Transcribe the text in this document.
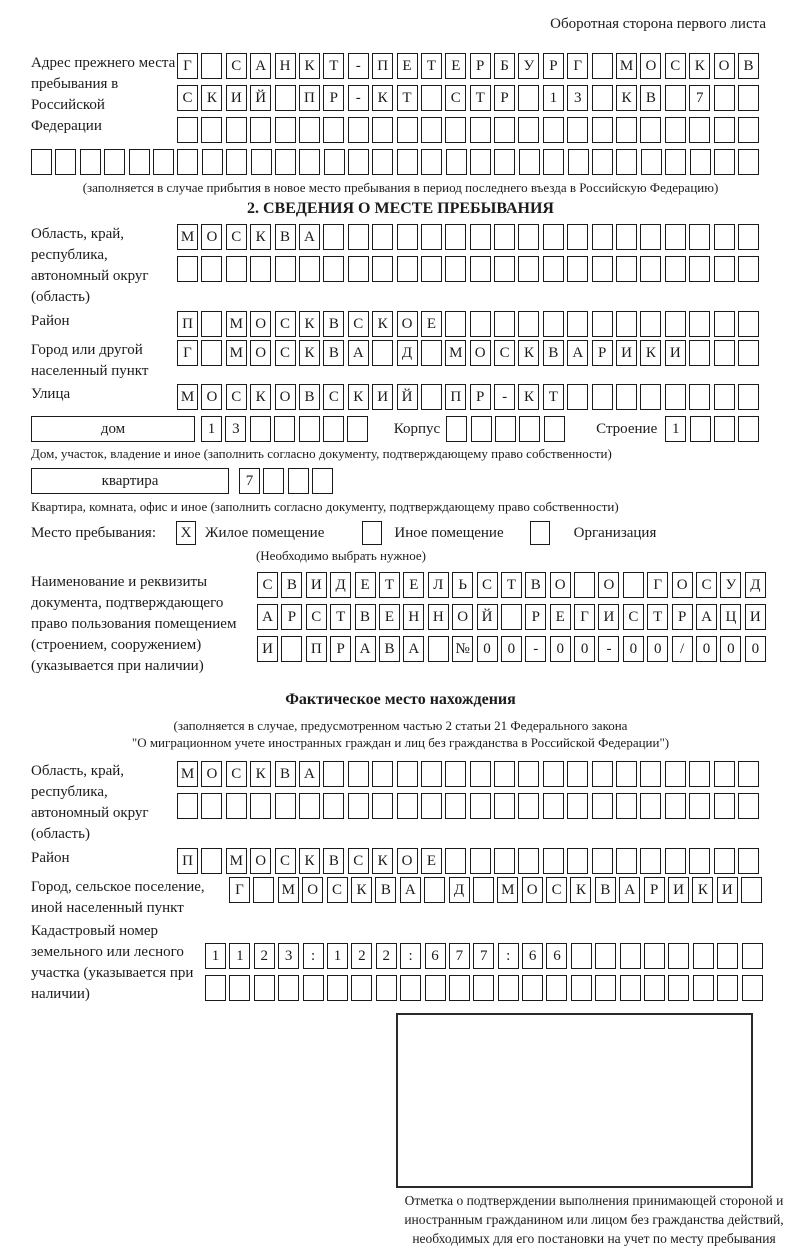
Оборотная сторона первого листа
Адрес прежнего места пребывания в Российской Федерации
Г	С А Н К Т	-	П Е	Т	Е	Р	Б У Р	Г	М О С К О В
С К И Й	П Р	-	К Т	С Т	Р	1	3	К В	7
(заполняется в случае прибытия в новое место пребывания в период последнего въезда в Российскую Федерацию)
2. СВЕДЕНИЯ О МЕСТЕ ПРЕБЫВАНИЯ
Область, край, республика, автономный округ (область)
М О С К В А
Район	П	М О С К В С К О Е
Город или другой населенный пункт
Г	М О С К В А	Д	М О С К В А Р И К И
Улица	М О С К О В С К И Й	П Р	-	К Т
дом	1	3	Корпус	Строение 1
Дом, участок, владение и иное (заполнить согласно документу, подтверждающему право собственности)
квартира	7
Квартира, комната, офис и иное (заполнить согласно документу, подтверждающему право собственности)
Место пребывания:	X Жилое помещение	Иное помещение	Организация
(Необходимо выбрать нужное)
Наименование и реквизиты документа, подтверждающего право пользования помещением (строением, сооружением) (указывается при наличии)
С В И Д Е	Т	Е Л Ь	С Т В О	О	Г О С У Д
А Р	С Т В Е Н Н О Й	Р	Е	Г И С Т	Р А Ц И
И	П Р А В А	№ 0	0	-	0	0	-	0	0	/	0	0	0
Фактическое место нахождения
(заполняется в случае, предусмотренном частью 2 статьи 21 Федерального закона
"О миграционном учете иностранных граждан и лиц без гражданства в Российской Федерации")
Область, край, республика, автономный округ (область)
М О С К В А
Район	П	М О С К В С К О Е
Город, сельское поселение, иной населенный пункт
Г	М О С К В А	Д	М О С К В А Р И К И
Кадастровый номер земельного или лесного участка (указывается при наличии)
1	1	2	3	:	1	2	2	:	6	7	7	:	6	6
Отметка о подтверждении выполнения принимающей стороной и иностранным гражданином или лицом без гражданства действий, необходимых для его постановки на учет по месту пребывания
